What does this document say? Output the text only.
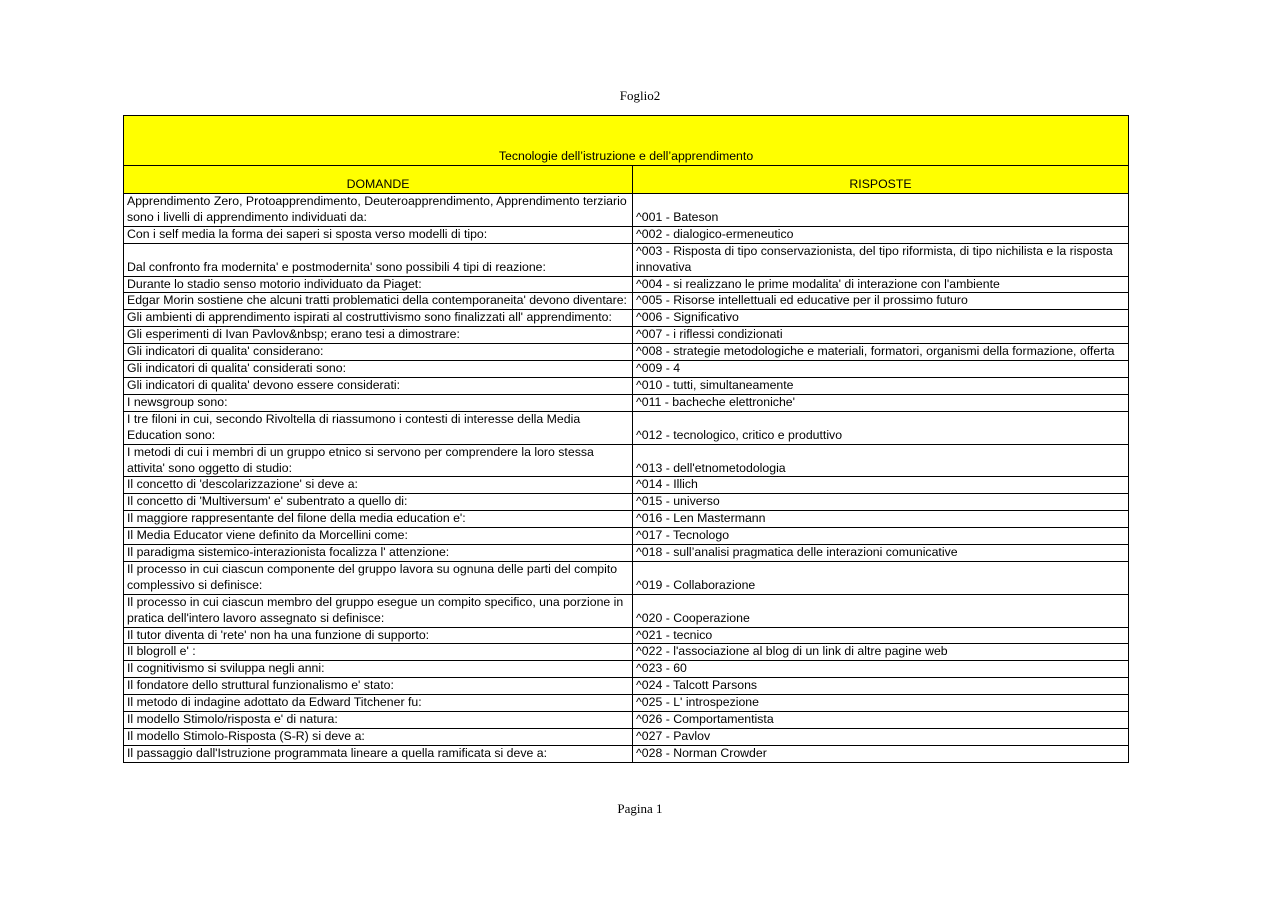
Foglio2
Tecnologie dell’istruzione e dell’apprendimento	
DOMANDE	RISPOSTE
Apprendimento Zero, Protoapprendimento, Deuteroapprendimento, Apprendimento terziario sono i livelli di apprendimento individuati da:	^001 - Bateson
Con i self media la forma dei saperi si sposta verso modelli di tipo:	^002 - dialogico-ermeneutico
Dal confronto fra modernita' e postmodernita' sono possibili 4 tipi di reazione:	^003 - Risposta di tipo conservazionista, del tipo riformista, di tipo nichilista e la risposta innovativa
Durante lo stadio senso motorio individuato da Piaget:	^004 - si realizzano le prime modalita' di interazione con l'ambiente
Edgar Morin sostiene che alcuni tratti problematici della contemporaneita' devono diventare:	^005 - Risorse intellettuali ed educative per il prossimo futuro
Gli ambienti di apprendimento ispirati al costruttivismo sono finalizzati all' apprendimento:	^006 - Significativo
Gli esperimenti di Ivan Pavlov&nbsp; erano tesi a dimostrare:	^007 - i riflessi condizionati
Gli indicatori di qualita' considerano:	^008 - strategie metodologiche e materiali, formatori, organismi della formazione, offerta
Gli indicatori di qualita' considerati sono:	^009 - 4
Gli indicatori di qualita' devono essere considerati:	^010 - tutti, simultaneamente
I newsgroup sono:	^011 - bacheche elettroniche'
I tre filoni in cui, secondo Rivoltella di riassumono i contesti di interesse della Media Education sono:	^012 - tecnologico, critico e produttivo
I metodi di cui i membri di un gruppo etnico si servono per comprendere la loro stessa attivita' sono oggetto di studio:	^013 - dell'etnometodologia
Il concetto di 'descolarizzazione' si deve a:	^014 - Illich
Il concetto di 'Multiversum' e' subentrato a quello di:	^015 - universo
Il maggiore rappresentante del filone della media education e':	^016 - Len Mastermann
Il Media Educator viene definito da Morcellini come:	^017 - Tecnologo
Il paradigma sistemico-interazionista focalizza l' attenzione:	^018 - sull’analisi pragmatica delle interazioni comunicative
Il processo in cui ciascun componente del gruppo lavora su ognuna delle parti del compito complessivo si definisce:	^019 - Collaborazione
Il processo in cui ciascun membro del gruppo esegue un compito specifico, una porzione in pratica dell'intero lavoro assegnato si definisce:	^020 - Cooperazione
Il tutor diventa di 'rete' non ha una funzione di supporto:	^021 - tecnico
Il blogroll e' :	^022 - l'associazione al blog di un link di altre pagine web
Il cognitivismo si sviluppa negli anni:	^023 - 60
Il fondatore dello struttural funzionalismo e' stato:	^024 - Talcott Parsons
Il metodo di indagine adottato da Edward Titchener fu:	^025 - L' introspezione
Il modello Stimolo/risposta e' di natura:	^026 - Comportamentista
Il modello Stimolo-Risposta (S-R) si deve a:	^027 - Pavlov
Il passaggio dall'Istruzione programmata lineare a quella ramificata si deve a:	^028 - Norman Crowder
Pagina 1
